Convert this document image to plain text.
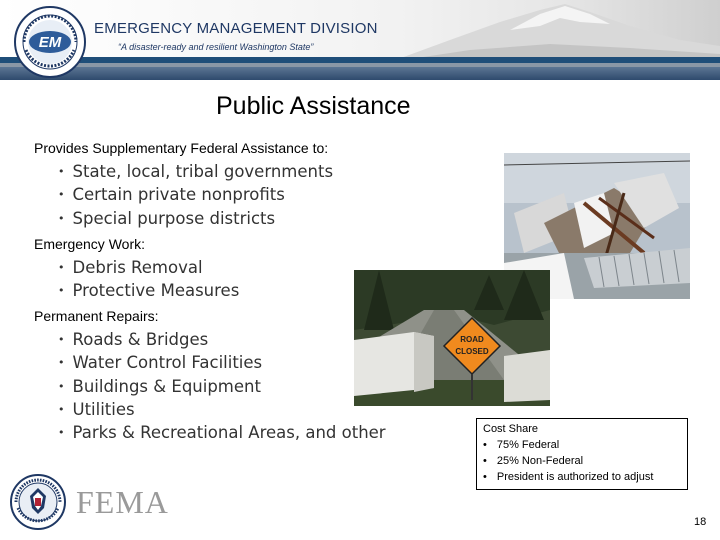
EM
EMERGENCY MANAGEMENT DIVISION
“A disaster-ready and resilient Washington State”
Public Assistance
Provides Supplementary Federal Assistance to:
• State, local, tribal governments
• Certain private nonprofits
• Special purpose districts
Emergency Work:
• Debris Removal
• Protective Measures
Permanent Repairs:
• Roads & Bridges
• Water Control Facilities
• Buildings & Equipment
• Utilities
• Parks & Recreational Areas, and other
ROAD
CLOSED
Cost Share
• 75% Federal
• 25% Non-Federal
• President is authorized to adjust
FEMA
18
